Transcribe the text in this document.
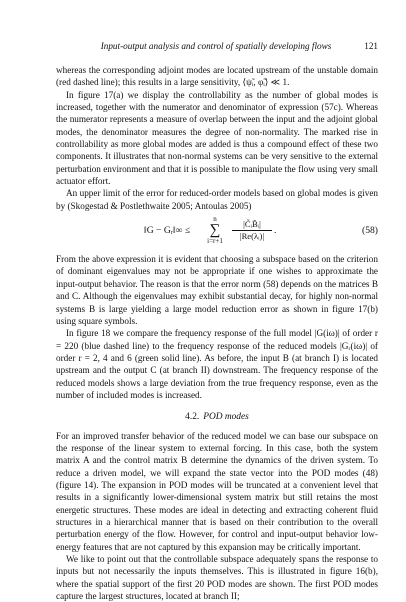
Input-output analysis and control of spatially developing flows	121

whereas the corresponding adjoint modes are located upstream of the unstable domain (red dashed line); this results in a large sensitivity, ⟨ψ̃ᵢ, φ̃ᵢ⟩ ≪ 1.

In figure 17(a) we display the controllability as the number of global modes is increased, together with the numerator and denominator of expression (57c). Whereas the numerator represents a measure of overlap between the input and the adjoint global modes, the denominator measures the degree of non-normality. The marked rise in controllability as more global modes are added is thus a compound effect of these two components. It illustrates that non-normal systems can be very sensitive to the external perturbation environment and that it is possible to manipulate the flow using very small actuator effort.

An upper limit of the error for reduced-order models based on global modes is given by (Skogestad & Postlethwaite 2005; Antoulas 2005)

‖G − Gᵣ‖∞ ≤
n
∑
i=r+1	$\frac{\text{|C̃ᵢB̃ᵢ|}}{\text{|Re(λᵢ)|}}$ .	(58)

From the above expression it is evident that choosing a subspace based on the criterion of dominant eigenvalues may not be appropriate if one wishes to approximate the input-output behavior. The reason is that the error norm (58) depends on the matrices B and C. Although the eigenvalues may exhibit substantial decay, for highly non-normal systems B is large yielding a large model reduction error as shown in figure 17(b) using square symbols.

In figure 18 we compare the frequency response of the full model |G(iω)| of order r = 220 (blue dashed line) to the frequency response of the reduced models |Gᵣ(iω)| of order r = 2, 4 and 6 (green solid line). As before, the input B (at branch I) is located upstream and the output C (at branch II) downstream. The frequency response of the reduced models shows a large deviation from the true frequency response, even as the number of included modes is increased.

4.2. POD modes

For an improved transfer behavior of the reduced model we can base our subspace on the response of the linear system to external forcing. In this case, both the system matrix A and the control matrix B determine the dynamics of the driven system. To reduce a driven model, we will expand the state vector into the POD modes (48) (figure 14). The expansion in POD modes will be truncated at a convenient level that results in a significantly lower-dimensional system matrix but still retains the most energetic structures. These modes are ideal in detecting and extracting coherent fluid structures in a hierarchical manner that is based on their contribution to the overall perturbation energy of the flow. However, for control and input-output behavior low-energy features that are not captured by this expansion may be critically important.

We like to point out that the controllable subspace adequately spans the response to inputs but not necessarily the inputs themselves. This is illustrated in figure 16(b), where the spatial support of the first 20 POD modes are shown. The first POD modes capture the largest structures, located at branch II;
